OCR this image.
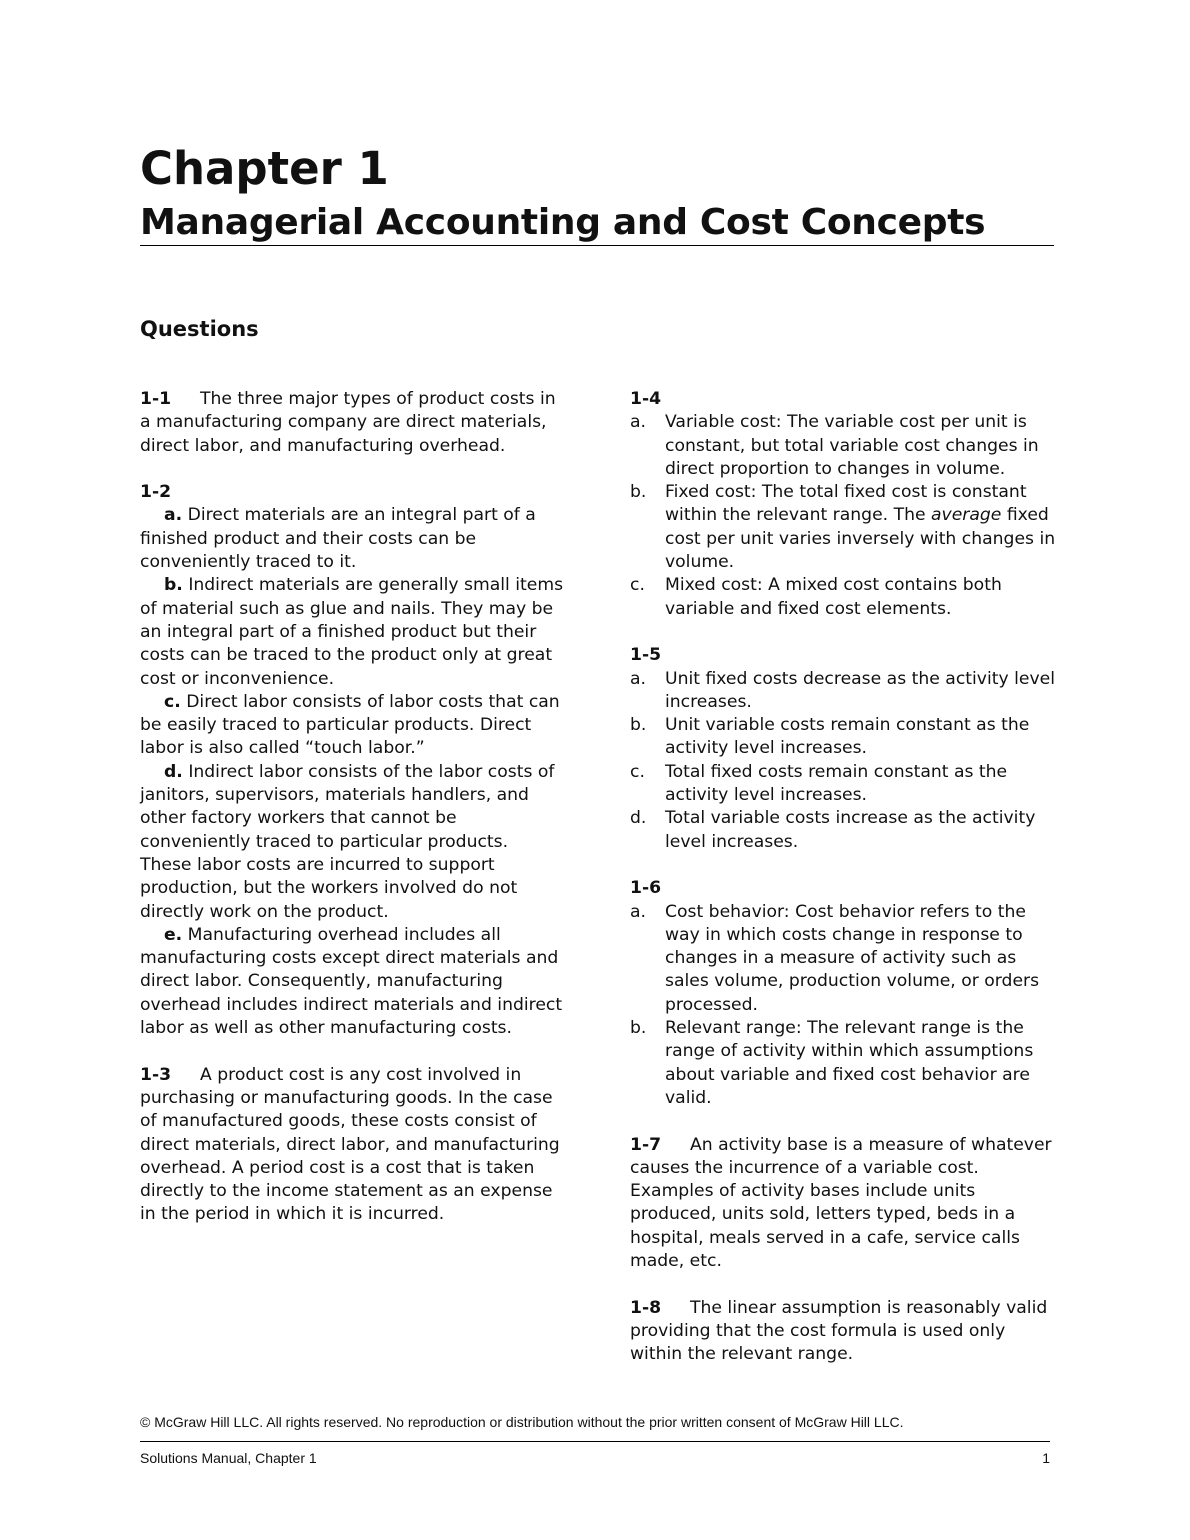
Chapter 1
Managerial Accounting and Cost Concepts
Questions

1-1 The three major types of product costs in a manufacturing company are direct materials, direct labor, and manufacturing overhead.

1-2

a. Direct materials are an integral part of a finished product and their costs can be conveniently traced to it.

b. Indirect materials are generally small items of material such as glue and nails. They may be an integral part of a finished product but their costs can be traced to the product only at great cost or inconvenience.

c. Direct labor consists of labor costs that can be easily traced to particular products. Direct labor is also called “touch labor.”

d. Indirect labor consists of the labor costs of janitors, supervisors, materials handlers, and other factory workers that cannot be conveniently traced to particular products. These labor costs are incurred to support production, but the workers involved do not directly work on the product.

e. Manufacturing overhead includes all manufacturing costs except direct materials and direct labor. Consequently, manufacturing overhead includes indirect materials and indirect labor as well as other manufacturing costs.

1-3 A product cost is any cost involved in purchasing or manufacturing goods. In the case of manufactured goods, these costs consist of direct materials, direct labor, and manufacturing overhead. A period cost is a cost that is taken directly to the income statement as an expense in the period in which it is incurred.

1-4

a.	Variable cost: The variable cost per unit is constant, but total variable cost changes in direct proportion to changes in volume.
b.	Fixed cost: The total fixed cost is constant within the relevant range. The average fixed cost per unit varies inversely with changes in volume.
c.	Mixed cost: A mixed cost contains both variable and fixed cost elements.

1-5

a.	Unit fixed costs decrease as the activity level increases.
b.	Unit variable costs remain constant as the activity level increases.
c.	Total fixed costs remain constant as the activity level increases.
d.	Total variable costs increase as the activity level increases.

1-6

a.	Cost behavior: Cost behavior refers to the way in which costs change in response to changes in a measure of activity such as sales volume, production volume, or orders processed.
b.	Relevant range: The relevant range is the range of activity within which assumptions about variable and fixed cost behavior are valid.

1-7 An activity base is a measure of whatever causes the incurrence of a variable cost. Examples of activity bases include units produced, units sold, letters typed, beds in a hospital, meals served in a cafe, service calls made, etc.

1-8 The linear assumption is reasonably valid providing that the cost formula is used only within the relevant range.

© McGraw Hill LLC. All rights reserved. No reproduction or distribution without the prior written consent of McGraw Hill LLC.
Solutions Manual, Chapter 1	1
